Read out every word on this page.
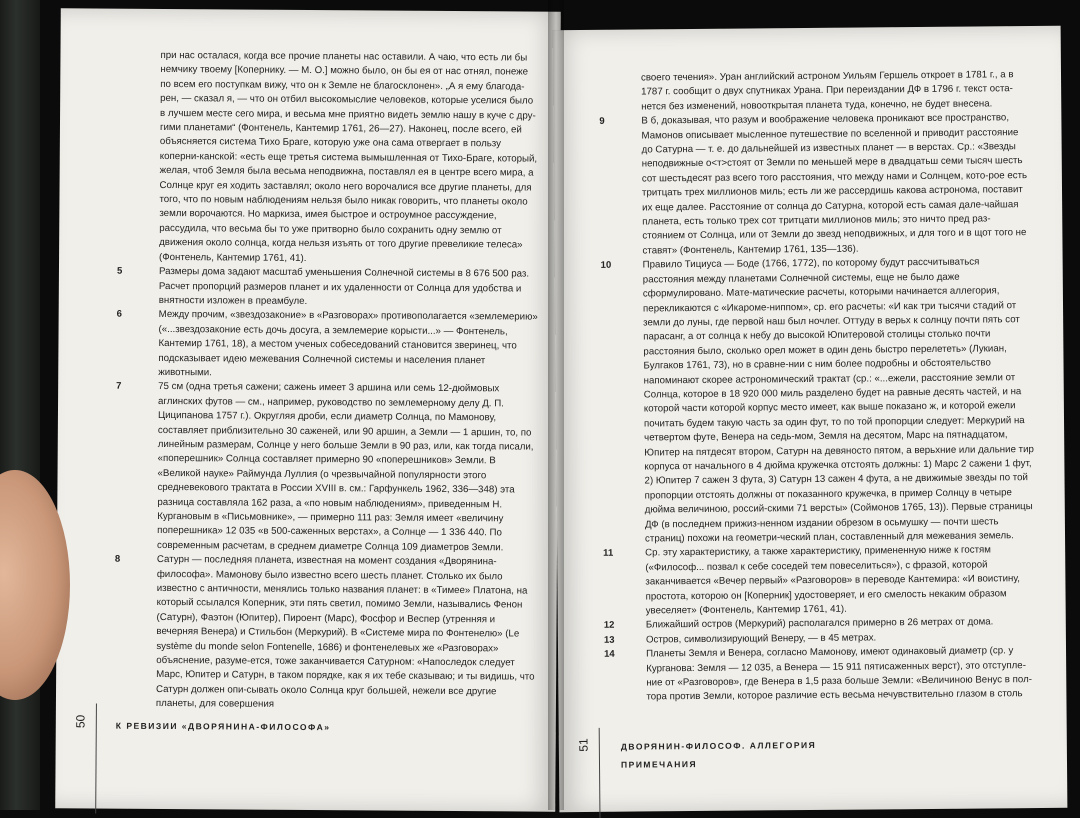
при нас осталася, когда все прочие планеты нас оставили. А чаю, что есть ли бы немчику твоему [Копернику. — М. О.] можно было, он бы ея от нас отнял, понеже по всем его поступкам вижу, что он к Земле не благосклонен». „А я ему благода-рен, — сказал я, — что он отбил высокомыслие человеков, которые уселися было в лучшем месте сего мира, и весьма мне приятно видеть землю нашу в куче с дру-гими планетами“ (Фонтенель, Кантемир 1761, 26—27). Наконец, после всего, ей объясняется система Тихо Браге, которую уже она сама отвергает в пользу коперни-канской: «есть еще третья система вымышленная от Тихо-Браге, который, желая, чтоб Земля была весьма неподвижна, поставлял ея в центре всего мира, а Солнце круг ея ходить заставлял; около него ворочалися все другие планеты, для того, что по новым наблюдениям нельзя было никак говорить, что планеты около земли ворочаются. Но маркиза, имея быстрое и остроумное рассуждение, рассудила, что весьма бы то уже притворно было сохранить одну землю от движения около солнца, когда нельзя изъять от того другие превеликие телеса» (Фонтенель, Кантемир 1761, 41).

5	Размеры дома задают масштаб уменьшения Солнечной системы в 8 676 500 раз. Расчет пропорций размеров планет и их удаленности от Солнца для удобства и внятности изложен в преамбуле.

6	Между прочим, «звездозаконие» в «Разговорах» противополагается «землемерию» («...звездозаконие есть дочь досуга, а землемерие корысти...» — Фонтенель, Кантемир 1761, 18), а местом ученых собеседований становится зверинец, что подсказывает идею межевания Солнечной системы и населения планет животными.

7	75 см (одна третья сажени; сажень имеет 3 аршина или семь 12-дюймовых аглинских футов — см., например, руководство по землемерному делу Д. П. Циципанова 1757 г.). Округляя дроби, если диаметр Солнца, по Мамонову, составляет приблизительно 30 саженей, или 90 аршин, а Земли — 1 аршин, то, по линейным размерам, Солнце у него больше Земли в 90 раз, или, как тогда писали, «поперешник» Солнца составляет примерно 90 «поперешников» Земли. В «Великой науке» Раймунда Луллия (о чрезвычайной популярности этого средневекового трактата в России XVIII в. см.: Гарфункель 1962, 336—348) эта разница составляла 162 раза, а «по новым наблюдениям», приведенным Н. Кургановым в «Письмовнике», — примерно 111 раз: Земля имеет «величину поперешника» 12 035 «в 500-саженных верстах», а Солнце — 1 336 440. По современным расчетам, в среднем диаметре Солнца 109 диаметров Земли.

8	Сатурн — последняя планета, известная на момент создания «Дворянина-философа». Мамонову было известно всего шесть планет. Столько их было известно с античности, менялись только названия планет: в «Тимее» Платона, на который ссылался Коперник, эти пять светил, помимо Земли, назывались Фенон (Сатурн), Фаэтон (Юпитер), Пироент (Марс), Фосфор и Веспер (утренняя и вечерняя Венера) и Стильбон (Меркурий). В «Системе мира по Фонтенелю» (Le système du monde selon Fontenelle, 1686) и фонтенелевых же «Разговорах» объяснение, разуме-ется, тоже заканчивается Сатурном: «Напоследок следует Марс, Юпитер и Сатурн, в таком порядке, как я их тебе сказываю; и ты видишь, что Сатурн должен опи-сывать около Солнца круг большей, нежели все другие планеты, для совершения

50	К РЕВИЗИИ «ДВОРЯНИНА-ФИЛОСОФА»

своего течения». Уран английский астроном Уильям Гершель откроет в 1781 г., а в 1787 г. сообщит о двух спутниках Урана. При переиздании ДФ в 1796 г. текст оста-нется без изменений, новооткрытая планета туда, конечно, не будет внесена.

9	В б, доказывая, что разум и воображение человека проникают все пространство, Мамонов описывает мысленное путешествие по вселенной и приводит расстояние до Сатурна — т. е. до дальнейшей из известных планет — в верстах. Ср.: «Звезды неподвижные о<т>стоят от Земли по меньшей мере в двадцатьш семи тысяч шесть сот шестьдесят раз всего того расстояния, что между нами и Солнцем, кото-рое есть тритцать трех миллионов миль; есть ли же рассердишь какова астронома, поставит их еще далее. Расстояние от солнца до Сатурна, которой есть самая дале-чайшая планета, есть только трех сот тритцати миллионов миль; это ничто пред раз-стоянием от Солнца, или от Земли до звезд неподвижных, и для того и в щот того не ставят» (Фонтенель, Кантемир 1761, 135—136).

10	Правило Тициуса — Боде (1766, 1772), по которому будут рассчитываться расстояния между планетами Солнечной системы, еще не было даже сформулировано. Мате-матические расчеты, которыми начинается аллегория, перекликаются с «Икароме-ниппом», ср. его расчеты: «И как три тысячи стадий от земли до луны, где первой наш был ночлег. Оттуду в верьх к солнцу почти пять сот парасанг, а от солнца к небу до высокой Юпитеровой столицы столько почти расстояния было, сколько орел может в один день быстро перелететь» (Лукиан, Булгаков 1761, 73), но в сравне-нии с ним более подробны и обстоятельство напоминают скорее астрономический трактат (ср.: «...ежели, расстояние земли от Солнца, которое в 18 920 000 миль разделено будет на равные десять частей, и на которой части которой корпус место имеет, как выше показано ж, и которой ежели почитать будем такую часть за один фут, то по той пропорции следует: Меркурий на четвертом футе, Венера на седь-мом, Земля на десятом, Марс на пятнадцатом, Юпитер на пятдесят втором, Сатурн на девяносто пятом, а верьхние или дальние тир корпуса от начального в 4 дюйма кружечка отстоять должны: 1) Марс 2 сажени 1 фут, 2) Юпитер 7 сажен 3 фута, 3) Сатурн 13 сажен 4 фута, а не движимые звезды по той пропорции отстоять должны от показанного кружечка, в пример Солнцу в четыре дюйма величиною, россий-скими 71 версты» (Соймонов 1765, 13)). Первые страницы ДФ (в последнем прижиз-ненном издании обрезом в осьмушку — почти шесть страниц) похожи на геометри-ческий план, составленный для межевания земель.

11	Ср. эту характеристику, а также характеристику, примененную ниже к гостям («Философ... позвал к себе соседей тем повеселиться»), с фразой, которой заканчивается «Вечер первый» «Разговоров» в переводе Кантемира: «И воистину, простота, которою он [Коперник] удостоверяет, и его смелость некаким образом увеселяет» (Фонтенель, Кантемир 1761, 41).

12	Ближайший остров (Меркурий) располагался примерно в 26 метрах от дома.

13	Остров, символизирующий Венеру, — в 45 метрах.

14	Планеты Земля и Венера, согласно Мамонову, имеют одинаковый диаметр (ср. у Курганова: Земля — 12 035, а Венера — 15 911 пятисаженных верст), это отступле-ние от «Разговоров», где Венера в 1,5 раза больше Земли: «Величиною Венус в пол-тора против Земли, которое различие есть весьма нечувствительно глазом в столь

51	ДВОРЯНИН-ФИЛОСОФ. АЛЛЕГОРИЯ
ПРИМЕЧАНИЯ
